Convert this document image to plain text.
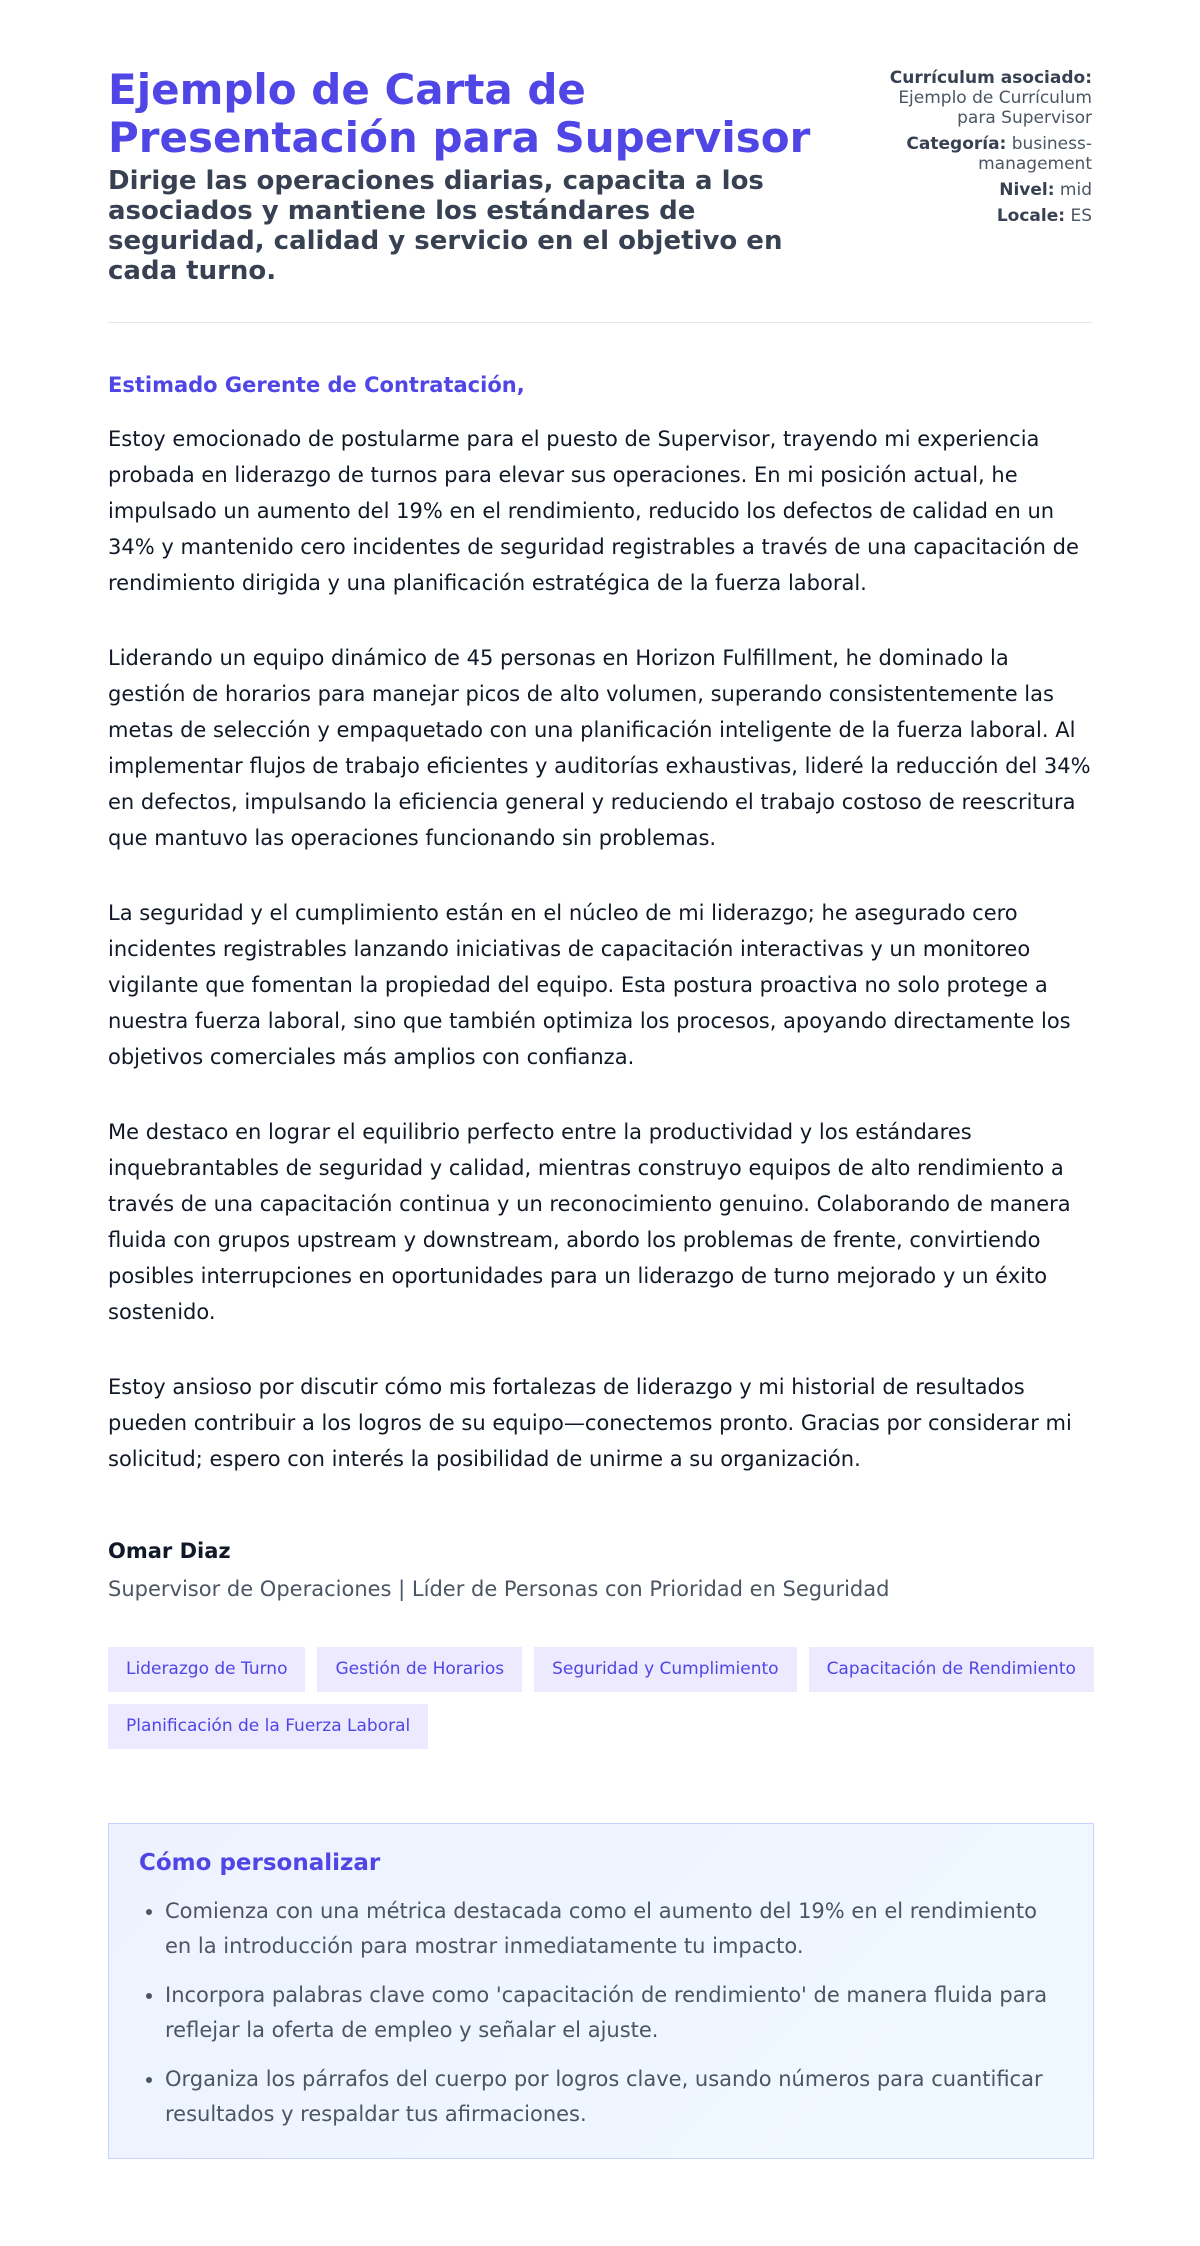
Ejemplo de Carta de Presentación para Supervisor

Dirige las operaciones diarias, capacita a los asociados y mantiene los estándares de seguridad, calidad y servicio en el objetivo en cada turno.

Currículum asociado: Ejemplo de Currículum para Supervisor
Categoría: business-management
Nivel: mid
Locale: ES
Estimado Gerente de Contratación,

Estoy emocionado de postularme para el puesto de Supervisor, trayendo mi experiencia probada en liderazgo de turnos para elevar sus operaciones. En mi posición actual, he impulsado un aumento del 19% en el rendimiento, reducido los defectos de calidad en un 34% y mantenido cero incidentes de seguridad registrables a través de una capacitación de rendimiento dirigida y una planificación estratégica de la fuerza laboral.

Liderando un equipo dinámico de 45 personas en Horizon Fulfillment, he dominado la gestión de horarios para manejar picos de alto volumen, superando consistentemente las metas de selección y empaquetado con una planificación inteligente de la fuerza laboral. Al implementar flujos de trabajo eficientes y auditorías exhaustivas, lideré la reducción del 34% en defectos, impulsando la eficiencia general y reduciendo el trabajo costoso de reescritura que mantuvo las operaciones funcionando sin problemas.

La seguridad y el cumplimiento están en el núcleo de mi liderazgo; he asegurado cero incidentes registrables lanzando iniciativas de capacitación interactivas y un monitoreo vigilante que fomentan la propiedad del equipo. Esta postura proactiva no solo protege a nuestra fuerza laboral, sino que también optimiza los procesos, apoyando directamente los objetivos comerciales más amplios con confianza.

Me destaco en lograr el equilibrio perfecto entre la productividad y los estándares inquebrantables de seguridad y calidad, mientras construyo equipos de alto rendimiento a través de una capacitación continua y un reconocimiento genuino. Colaborando de manera fluida con grupos upstream y downstream, abordo los problemas de frente, convirtiendo posibles interrupciones en oportunidades para un liderazgo de turno mejorado y un éxito sostenido.

Estoy ansioso por discutir cómo mis fortalezas de liderazgo y mi historial de resultados pueden contribuir a los logros de su equipo—conectemos pronto. Gracias por considerar mi solicitud; espero con interés la posibilidad de unirme a su organización.

Omar Diaz
Supervisor de Operaciones | Líder de Personas con Prioridad en Seguridad
Liderazgo de Turno	Gestión de Horarios	Seguridad y Cumplimiento	Capacitación de Rendimiento
Planificación de la Fuerza Laboral
Cómo personalizar
• Comienza con una métrica destacada como el aumento del 19% en el rendimiento en la introducción para mostrar inmediatamente tu impacto.
• Incorpora palabras clave como 'capacitación de rendimiento' de manera fluida para reflejar la oferta de empleo y señalar el ajuste.
• Organiza los párrafos del cuerpo por logros clave, usando números para cuantificar resultados y respaldar tus afirmaciones.
